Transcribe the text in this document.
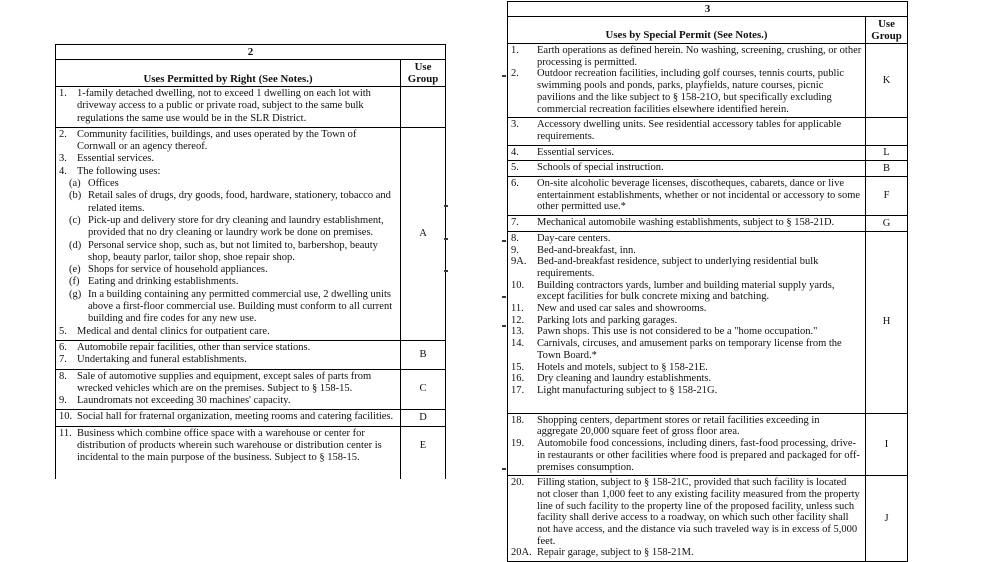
2	
Uses Permitted by Right (See Notes.)	Use Group

1. 1-family detached dwelling, not to exceed 1 dwelling on each lot with driveway access to a public or private road, subject to the same bulk regulations the same use would be in the SLR District.	

2. Community facilities, buildings, and uses operated by the Town of Cornwall or an agency thereof.
3. Essential services.
4. The following uses:
(a) Offices
(b) Retail sales of drugs, dry goods, food, hardware, stationery, tobacco and related items.
(c) Pick-up and delivery store for dry cleaning and laundry establishment, provided that no dry cleaning or laundry work be done on premises.
(d) Personal service shop, such as, but not limited to, barbershop, beauty shop, beauty parlor, tailor shop, shoe repair shop.
(e) Shops for service of household appliances.
(f) Eating and drinking establishments.
(g) In a building containing any permitted commercial use, 2 dwelling units above a first-floor commercial use. Building must conform to all current building and fire codes for any new use.
5. Medical and dental clinics for outpatient care.
	A

6. Automobile repair facilities, other than service stations.
7. Undertaking and funeral establishments.	B

8. Sale of automotive supplies and equipment, except sales of parts from wrecked vehicles which are on the premises. Subject to § 158-15.
9. Laundromats not exceeding 30 machines' capacity.	C

10. Social hall for fraternal organization, meeting rooms and catering facilities.	D

11. Business which combine office space with a warehouse or center for distribution of products wherein such warehouse or distribution center is incidental to the main purpose of the business. Subject to § 158-15.	E
3	
Uses by Special Permit (See Notes.)	Use Group

1. Earth operations as defined herein. No washing, screening, crushing, or other processing is permitted.
2. Outdoor recreation facilities, including golf courses, tennis courts, public swimming pools and ponds, parks, playfields, nature courses, picnic pavilions and the like subject to § 158-21O, but specifically excluding commercial recreation facilities elsewhere identified herein.	K

3. Accessory dwelling units. See residential accessory tables for applicable requirements.	

4. Essential services.	L

5. Schools of special instruction.	B

6. On-site alcoholic beverage licenses, discotheques, cabarets, dance or live entertainment establishments, whether or not incidental or accessory to some other permitted use.*	F

7. Mechanical automobile washing establishments, subject to § 158-21D.	G

8.	Day-care centers.
9.	Bed-and-breakfast, inn.
9A.	Bed-and-breakfast residence, subject to underlying residential bulk requirements.
10.	Building contractors yards, lumber and building material supply yards, except facilities for bulk concrete mixing and batching.
11.	New and used car sales and showrooms.
12.	Parking lots and parking garages.
13.	Pawn shops. This use is not considered to be a "home occupation."
14.	Carnivals, circuses, and amusement parks on temporary license from the Town Board.*
15.	Hotels and motels, subject to § 158-21E.
16.	Dry cleaning and laundry establishments.
17.	Light manufacturing subject to § 158-21G.
	H

18. Shopping centers, department stores or retail facilities exceeding in aggregate 20,000 square feet of gross floor area.
19. Automobile food concessions, including diners, fast-food processing, drive-in restaurants or other facilities where food is prepared and packaged for off-premises consumption.	I

20. Filling station, subject to § 158-21C, provided that such facility is located not closer than 1,000 feet to any existing facility measured from the property line of such facility to the property line of the proposed facility, unless such facility shall derive access to a roadway, on which such other facility shall not have access, and the distance via such traveled way is in excess of 5,000 feet.
20A. Repair garage, subject to § 158-21M.	J
